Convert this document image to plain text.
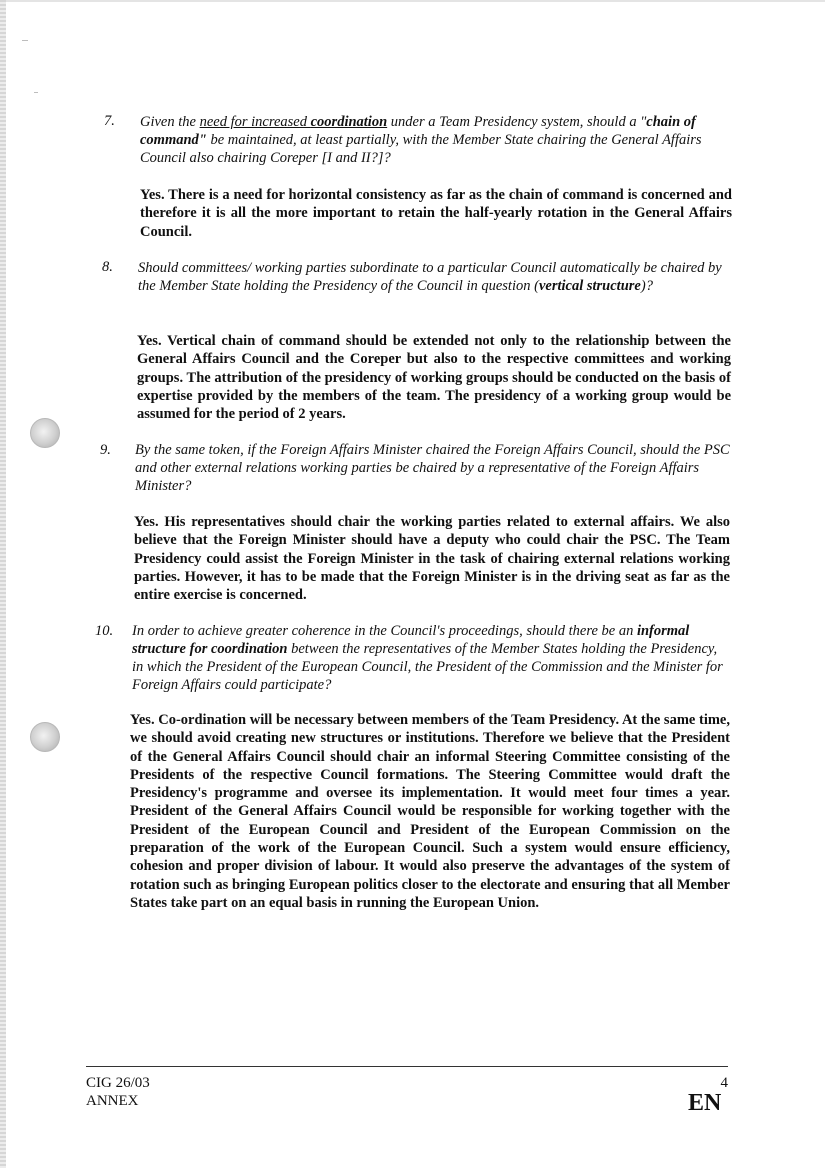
7. Given the need for increased coordination under a Team Presidency system, should a "chain of command" be maintained, at least partially, with the Member State chairing the General Affairs Council also chairing Coreper [I and II?]?
Yes. There is a need for horizontal consistency as far as the chain of command is concerned and therefore it is all the more important to retain the half-yearly rotation in the General Affairs Council.
8. Should committees/ working parties subordinate to a particular Council automatically be chaired by the Member State holding the Presidency of the Council in question (vertical structure)?
Yes. Vertical chain of command should be extended not only to the relationship between the General Affairs Council and the Coreper but also to the respective committees and working groups. The attribution of the presidency of working groups should be conducted on the basis of expertise provided by the members of the team. The presidency of a working group would be assumed for the period of 2 years.
9. By the same token, if the Foreign Affairs Minister chaired the Foreign Affairs Council, should the PSC and other external relations working parties be chaired by a representative of the Foreign Affairs Minister?
Yes. His representatives should chair the working parties related to external affairs. We also believe that the Foreign Minister should have a deputy who could chair the PSC. The Team Presidency could assist the Foreign Minister in the task of chairing external relations working parties. However, it has to be made that the Foreign Minister is in the driving seat as far as the entire exercise is concerned.
10. In order to achieve greater coherence in the Council's proceedings, should there be an informal structure for coordination between the representatives of the Member States holding the Presidency, in which the President of the European Council, the President of the Commission and the Minister for Foreign Affairs could participate?
Yes. Co-ordination will be necessary between members of the Team Presidency. At the same time, we should avoid creating new structures or institutions. Therefore we believe that the President of the General Affairs Council should chair an informal Steering Committee consisting of the Presidents of the respective Council formations. The Steering Committee would draft the Presidency's programme and oversee its implementation. It would meet four times a year. President of the General Affairs Council would be responsible for working together with the President of the European Council and President of the European Commission on the preparation of the work of the European Council. Such a system would ensure efficiency, cohesion and proper division of labour. It would also preserve the advantages of the system of rotation such as bringing European politics closer to the electorate and ensuring that all Member States take part on an equal basis in running the European Union.
CIG 26/03
ANNEX
4
EN
